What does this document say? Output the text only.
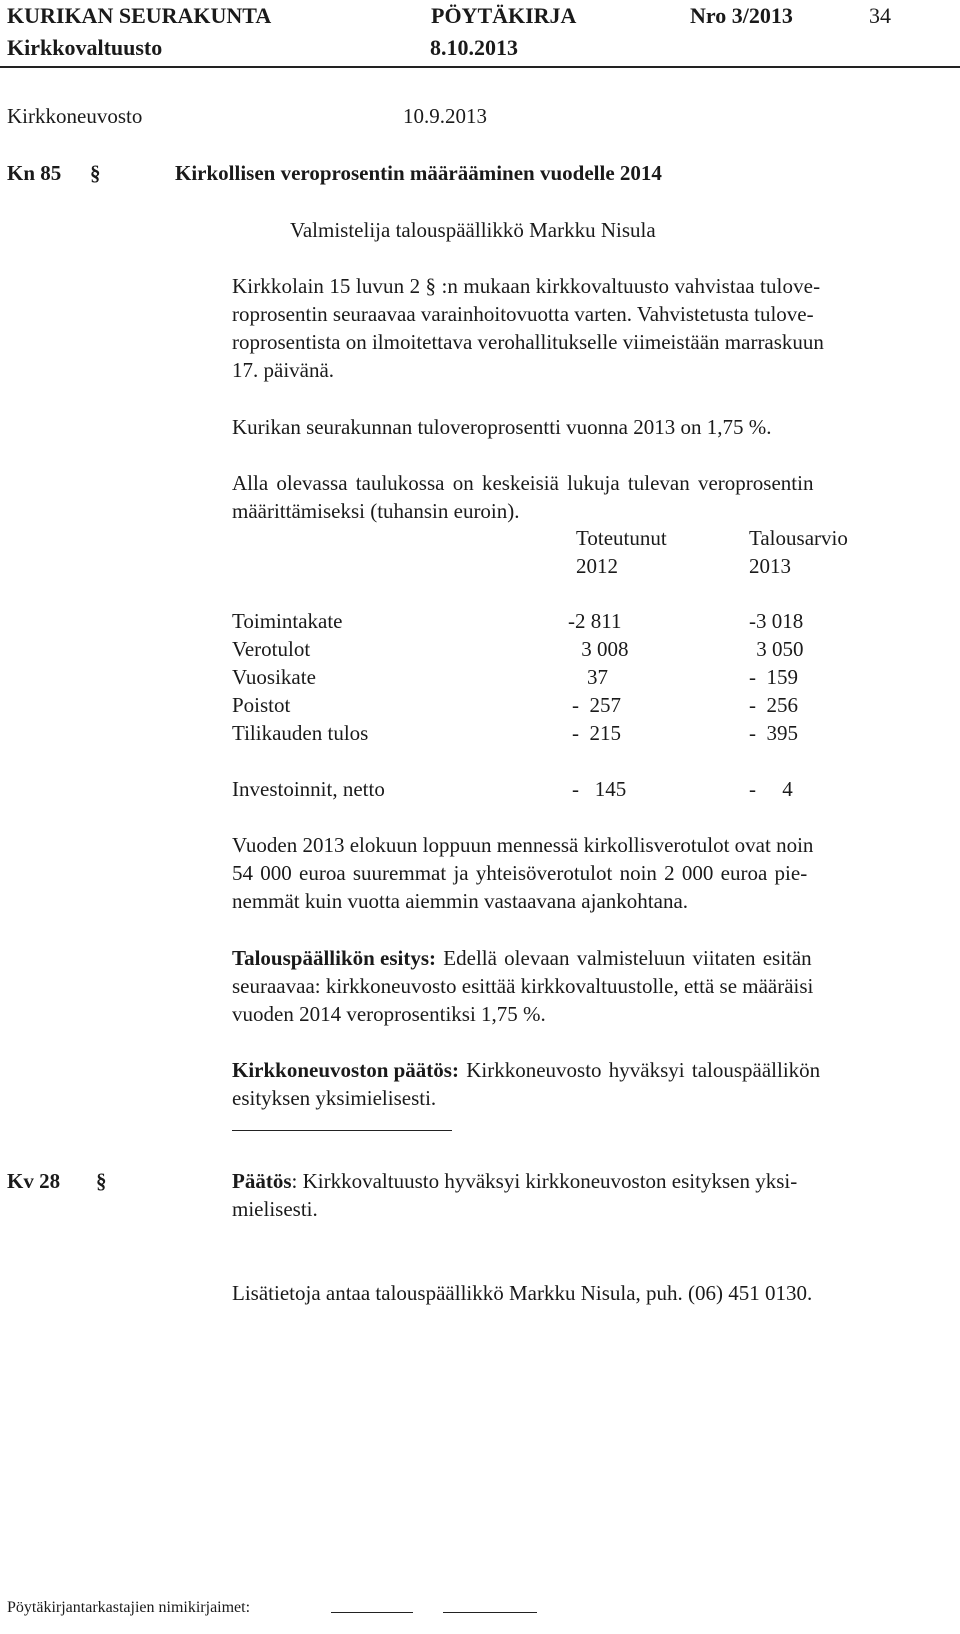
KURIKAN SEURAKUNTA	PÖYTÄKIRJA	Nro 3/2013	34
Kirkkovaltuusto	8.10.2013
Kirkkoneuvosto	10.9.2013
Kn 85 §	Kirkollisen veroprosentin määrääminen vuodelle 2014
Valmistelija talouspäällikkö Markku Nisula
Kirkkolain 15 luvun 2 § :n mukaan kirkkovaltuusto vahvistaa tulove-
roprosentin seuraavaa varainhoitovuotta varten. Vahvistetusta tulove-
roprosentista on ilmoitettava verohallitukselle viimeistään marraskuun
17. päivänä.
Kurikan seurakunnan tuloveroprosentti vuonna 2013 on 1,75 %.
Alla olevassa taulukossa on keskeisiä lukuja tulevan veroprosentin
määrittämiseksi (tuhansin euroin).
Toteutunut	Talousarvio
2012	2013
Toimintakate	-2 811	-3 018
Verotulot	3 008	3 050
Vuosikate	37	-  159
Poistot	-  257	-  256
Tilikauden tulos	-  215	-  395
Investoinnit, netto	-   145	-     4
Vuoden 2013 elokuun loppuun mennessä kirkollisverotulot ovat noin
54 000 euroa suuremmat ja yhteisöverotulot noin 2 000 euroa pie-
nemmät kuin vuotta aiemmin vastaavana ajankohtana.
Talouspäällikön esitys: Edellä olevaan valmisteluun viitaten esitän
seuraavaa: kirkkoneuvosto esittää kirkkovaltuustolle, että se määräisi
vuoden 2014 veroprosentiksi 1,75 %.
Kirkkoneuvoston päätös: Kirkkoneuvosto hyväksyi talouspäällikön
esityksen yksimielisesti.
Kv 28 §	Päätös: Kirkkovaltuusto hyväksyi kirkkoneuvoston esityksen yksi-
mielisesti.
Lisätietoja antaa talouspäällikkö Markku Nisula, puh. (06) 451 0130.
Pöytäkirjantarkastajien nimikirjaimet:
